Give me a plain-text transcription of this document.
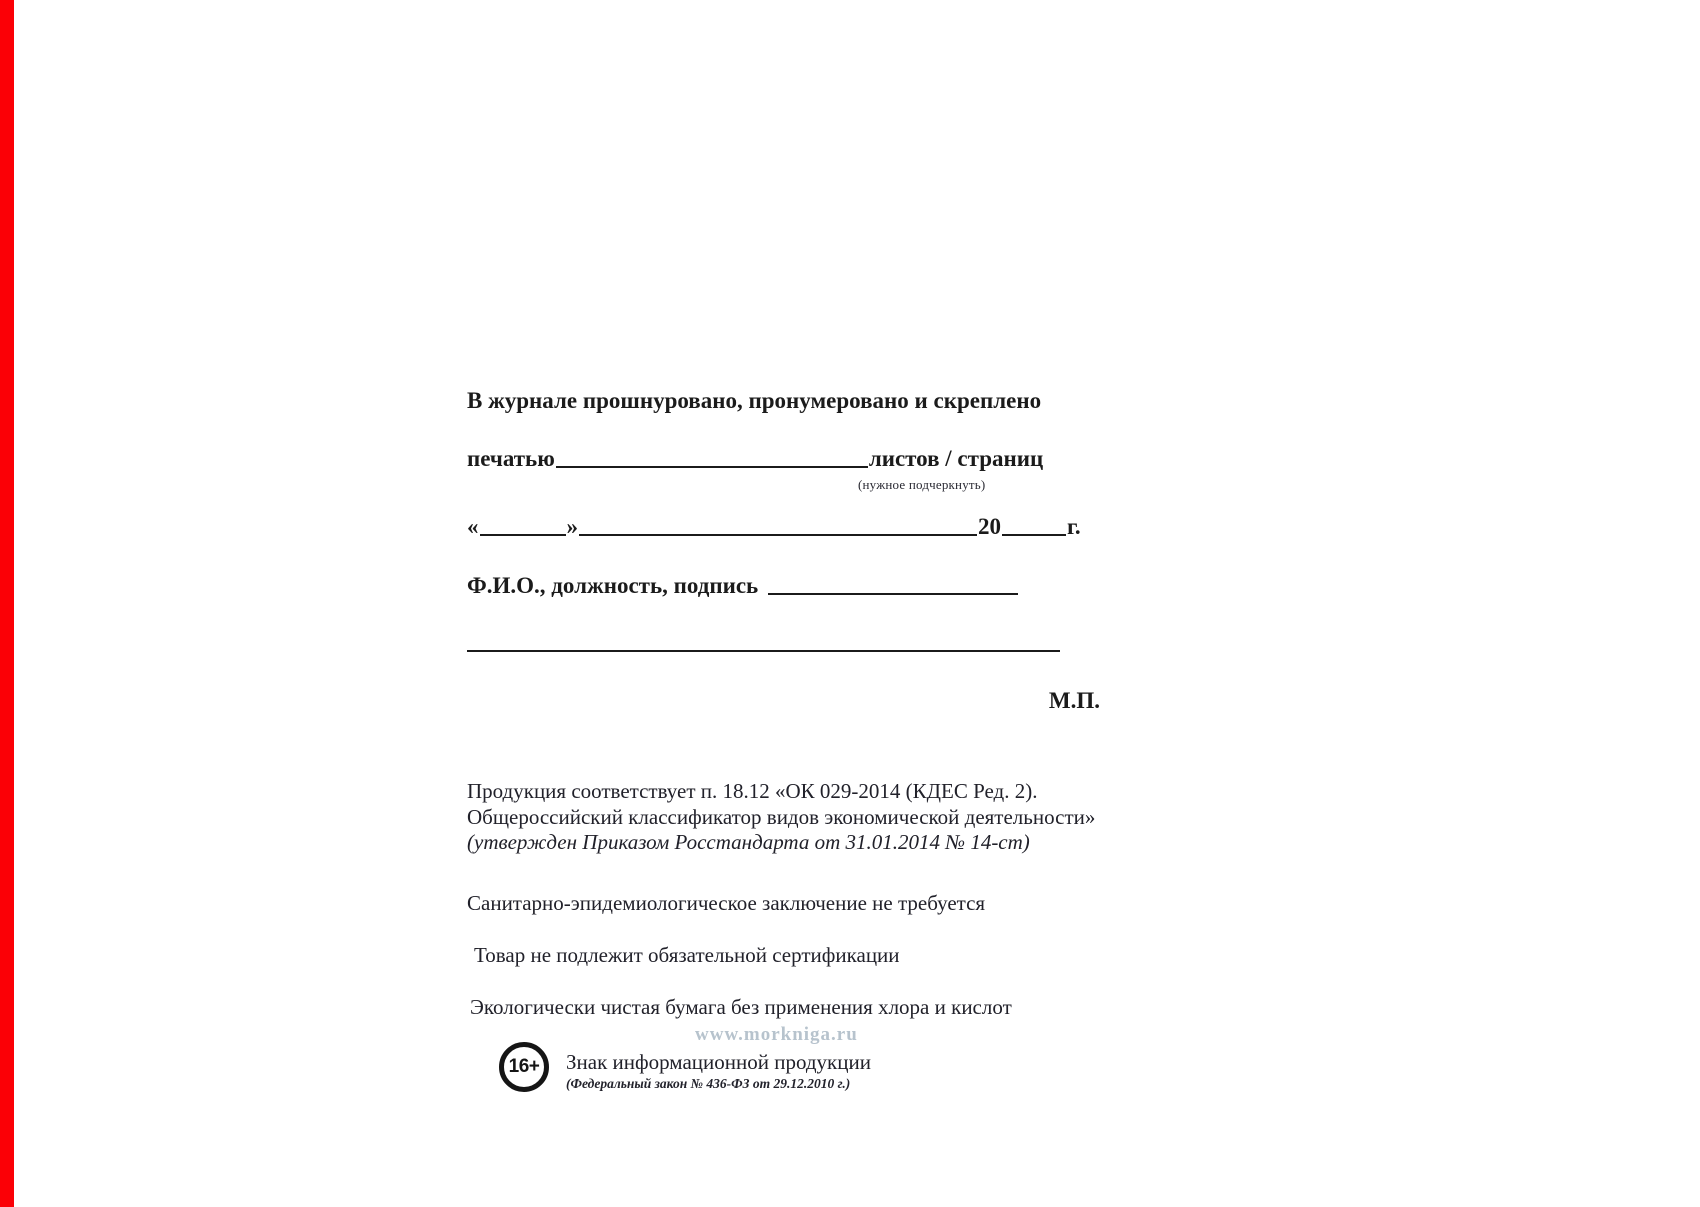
В журнале прошнуровано, пронумеровано и скреплено
печатью	листов / страниц
(нужное подчеркнуть)
«	»	20	г.
Ф.И.О., должность, подпись
М.П.
Продукция соответствует п. 18.12 «ОК 029-2014 (КДЕС Ред. 2).
Общероссийский классификатор видов экономической деятельности»
(утвержден Приказом Росстандарта от 31.01.2014 № 14-ст)
Санитарно-эпидемиологическое заключение не требуется
Товар не подлежит обязательной сертификации
Экологически чистая бумага без применения хлора и кислот
www.morkniga.ru
16+	Знак информационной продукции
(Федеральный закон № 436-ФЗ от 29.12.2010 г.)
